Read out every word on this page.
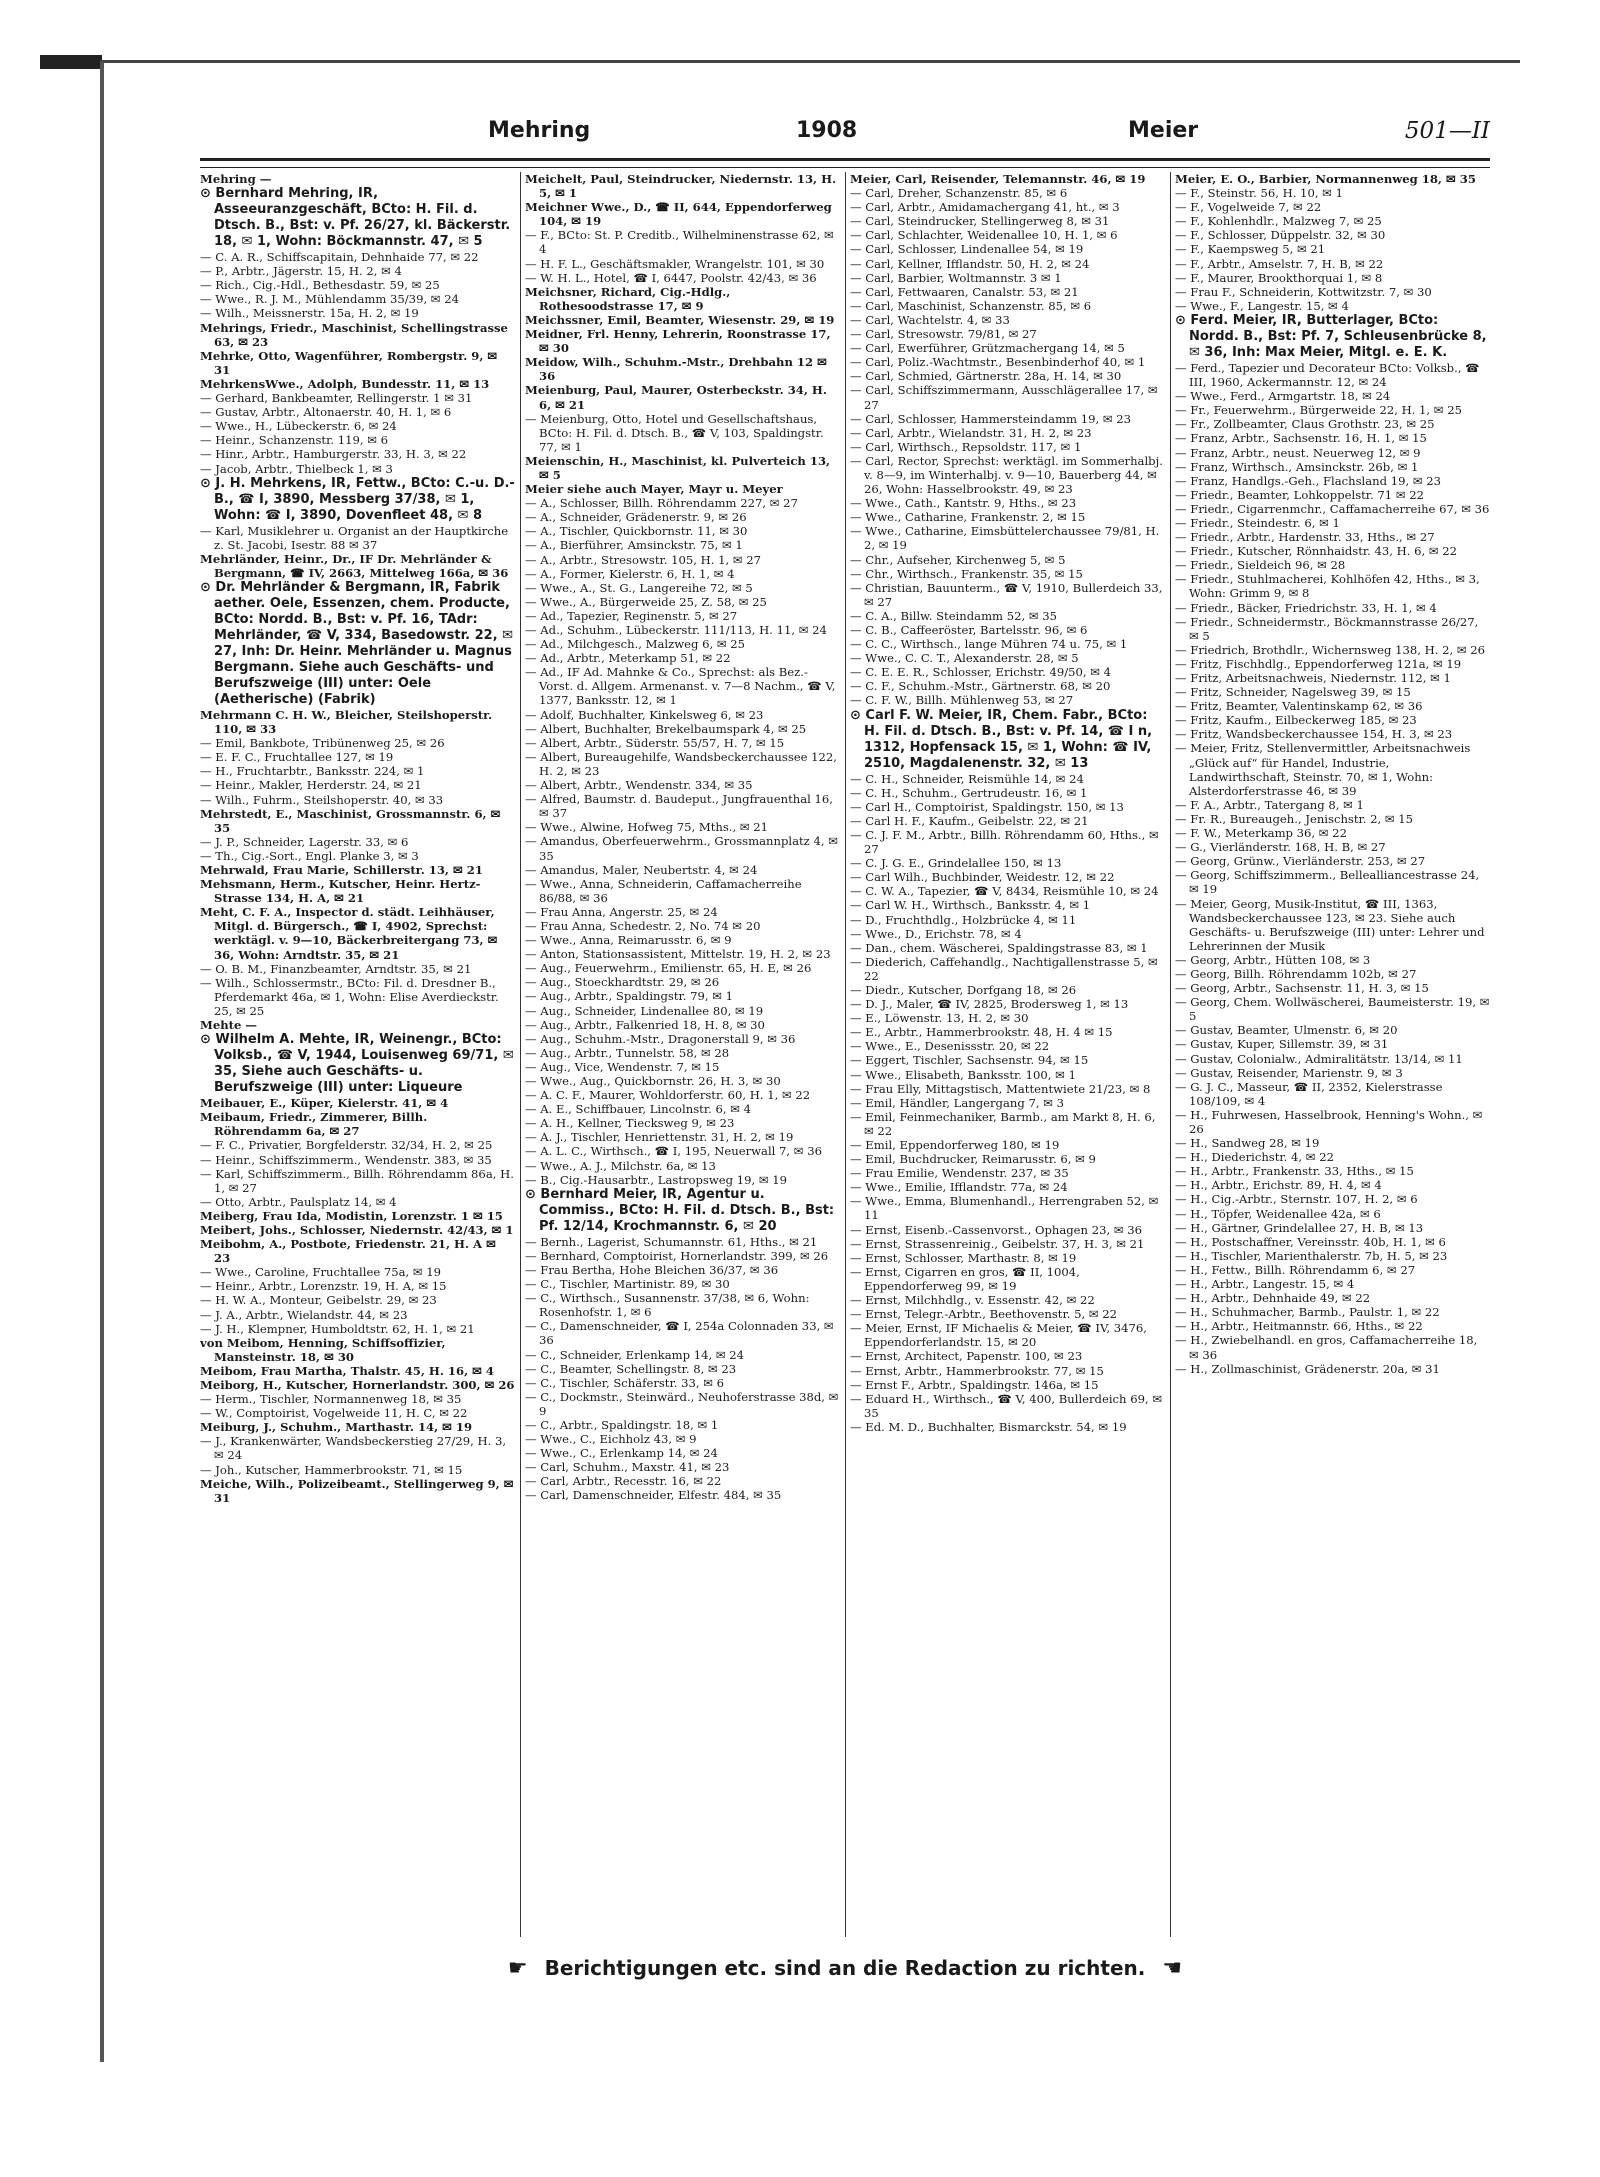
Mehring	1908	Meier	501—II

Mehring —

⊙ Bernhard Mehring, IR, Asseeuranzgeschäft, BCto: H. Fil. d. Dtsch. B., Bst: v. Pf. 26/27, kl. Bäckerstr. 18, ✉ 1, Wohn: Böckmannstr. 47, ✉ 5

— C. A. R., Schiffscapitain, Dehnhaide 77, ✉ 22

— P., Arbtr., Jägerstr. 15, H. 2, ✉ 4

— Rich., Cig.-Hdl., Bethesdastr. 59, ✉ 25

— Wwe., R. J. M., Mühlendamm 35/39, ✉ 24

— Wilh., Meissnerstr. 15a, H. 2, ✉ 19

Mehrings, Friedr., Maschinist, Schellingstrasse 63, ✉ 23

Mehrke, Otto, Wagenführer, Rombergstr. 9, ✉ 31

MehrkensWwe., Adolph, Bundesstr. 11, ✉ 13

— Gerhard, Bankbeamter, Rellingerstr. 1 ✉ 31

— Gustav, Arbtr., Altonaerstr. 40, H. 1, ✉ 6

— Wwe., H., Lübeckerstr. 6, ✉ 24

— Heinr., Schanzenstr. 119, ✉ 6

— Hinr., Arbtr., Hamburgerstr. 33, H. 3, ✉ 22

— Jacob, Arbtr., Thielbeck 1, ✉ 3

⊙ J. H. Mehrkens, IR, Fettw., BCto: C.-u. D.-B., ☎ I, 3890, Messberg 37/38, ✉ 1, Wohn: ☎ I, 3890, Dovenfleet 48, ✉ 8

— Karl, Musiklehrer u. Organist an der Hauptkirche z. St. Jacobi, Isestr. 88 ✉ 37

Mehrländer, Heinr., Dr., IF Dr. Mehrländer & Bergmann, ☎ IV, 2663, Mittelweg 166a, ✉ 36

⊙ Dr. Mehrländer & Bergmann, IR, Fabrik aether. Oele, Essenzen, chem. Producte, BCto: Nordd. B., Bst: v. Pf. 16, TAdr: Mehrländer, ☎ V, 334, Basedowstr. 22, ✉ 27, Inh: Dr. Heinr. Mehrländer u. Magnus Bergmann. Siehe auch Geschäfts- und Berufszweige (III) unter: Oele (Aetherische) (Fabrik)

Mehrmann C. H. W., Bleicher, Steilshoperstr. 110, ✉ 33

— Emil, Bankbote, Tribünenweg 25, ✉ 26

— E. F. C., Fruchtallee 127, ✉ 19

— H., Fruchtarbtr., Banksstr. 224, ✉ 1

— Heinr., Makler, Herderstr. 24, ✉ 21

— Wilh., Fuhrm., Steilshoperstr. 40, ✉ 33

Mehrstedt, E., Maschinist, Grossmannstr. 6, ✉ 35

— J. P., Schneider, Lagerstr. 33, ✉ 6

— Th., Cig.-Sort., Engl. Planke 3, ✉ 3

Mehrwald, Frau Marie, Schillerstr. 13, ✉ 21

Mehsmann, Herm., Kutscher, Heinr. Hertz-Strasse 134, H. A, ✉ 21

Meht, C. F. A., Inspector d. städt. Leihhäuser, Mitgl. d. Bürgersch., ☎ I, 4902, Sprechst: werktägl. v. 9—10, Bäckerbreitergang 73, ✉ 36, Wohn: Arndtstr. 35, ✉ 21

— O. B. M., Finanzbeamter, Arndtstr. 35, ✉ 21

— Wilh., Schlossermstr., BCto: Fil. d. Dresdner B., Pferdemarkt 46a, ✉ 1, Wohn: Elise Averdieckstr. 25, ✉ 25

Mehte —

⊙ Wilhelm A. Mehte, IR, Weinengr., BCto: Volksb., ☎ V, 1944, Louisenweg 69/71, ✉ 35, Siehe auch Geschäfts- u. Berufszweige (III) unter: Liqueure

Meibauer, E., Küper, Kielerstr. 41, ✉ 4

Meibaum, Friedr., Zimmerer, Billh. Röhrendamm 6a, ✉ 27

— F. C., Privatier, Borgfelderstr. 32/34, H. 2, ✉ 25

— Heinr., Schiffszimmerm., Wendenstr. 383, ✉ 35

— Karl, Schiffszimmerm., Billh. Röhrendamm 86a, H. 1, ✉ 27

— Otto, Arbtr., Paulsplatz 14, ✉ 4

Meiberg, Frau Ida, Modistin, Lorenzstr. 1 ✉ 15

Meibert, Johs., Schlosser, Niedernstr. 42/43, ✉ 1

Meibohm, A., Postbote, Friedenstr. 21, H. A ✉ 23

— Wwe., Caroline, Fruchtallee 75a, ✉ 19

— Heinr., Arbtr., Lorenzstr. 19, H. A, ✉ 15

— H. W. A., Monteur, Geibelstr. 29, ✉ 23

— J. A., Arbtr., Wielandstr. 44, ✉ 23

— J. H., Klempner, Humboldtstr. 62, H. 1, ✉ 21

von Meibom, Henning, Schiffsoffizier, Mansteinstr. 18, ✉ 30

Meibom, Frau Martha, Thalstr. 45, H. 16, ✉ 4

Meiborg, H., Kutscher, Hornerlandstr. 300, ✉ 26

— Herm., Tischler, Normannenweg 18, ✉ 35

— W., Comptoirist, Vogelweide 11, H. C, ✉ 22

Meiburg, J., Schuhm., Marthastr. 14, ✉ 19

— J., Krankenwärter, Wandsbeckerstieg 27/29, H. 3, ✉ 24

— Joh., Kutscher, Hammerbrookstr. 71, ✉ 15

Meiche, Wilh., Polizeibeamt., Stellingerweg 9, ✉ 31

Meichelt, Paul, Steindrucker, Niedernstr. 13, H. 5, ✉ 1

Meichner Wwe., D., ☎ II, 644, Eppendorferweg 104, ✉ 19

— F., BCto: St. P. Creditb., Wilhelminenstrasse 62, ✉ 4

— H. F. L., Geschäftsmakler, Wrangelstr. 101, ✉ 30

— W. H. L., Hotel, ☎ I, 6447, Poolstr. 42/43, ✉ 36

Meichsner, Richard, Cig.-Hdlg., Rothesoodstrasse 17, ✉ 9

Meichssner, Emil, Beamter, Wiesenstr. 29, ✉ 19

Meidner, Frl. Henny, Lehrerin, Roonstrasse 17, ✉ 30

Meidow, Wilh., Schuhm.-Mstr., Drehbahn 12 ✉ 36

Meienburg, Paul, Maurer, Osterbeckstr. 34, H. 6, ✉ 21

— Meienburg, Otto, Hotel und Gesellschaftshaus, BCto: H. Fil. d. Dtsch. B., ☎ V, 103, Spaldingstr. 77, ✉ 1

Meienschin, H., Maschinist, kl. Pulverteich 13, ✉ 5

Meier siehe auch Mayer, Mayr u. Meyer

— A., Schlosser, Billh. Röhrendamm 227, ✉ 27

— A., Schneider, Grädenerstr. 9, ✉ 26

— A., Tischler, Quickbornstr. 11, ✉ 30

— A., Bierführer, Amsinckstr. 75, ✉ 1

— A., Arbtr., Stresowstr. 105, H. 1, ✉ 27

— A., Former, Kielerstr. 6, H. 1, ✉ 4

— Wwe., A., St. G., Langereihe 72, ✉ 5

— Wwe., A., Bürgerweide 25, Z. 58, ✉ 25

— Ad., Tapezier, Reginenstr. 5, ✉ 27

— Ad., Schuhm., Lübeckerstr. 111/113, H. 11, ✉ 24

— Ad., Milchgesch., Malzweg 6, ✉ 25

— Ad., Arbtr., Meterkamp 51, ✉ 22

— Ad., IF Ad. Mahnke & Co., Sprechst: als Bez.-Vorst. d. Allgem. Armenanst. v. 7—8 Nachm., ☎ V, 1377, Banksstr. 12, ✉ 1

— Adolf, Buchhalter, Kinkelsweg 6, ✉ 23

— Albert, Buchhalter, Brekelbaumspark 4, ✉ 25

— Albert, Arbtr., Süderstr. 55/57, H. 7, ✉ 15

— Albert, Bureaugehilfe, Wandsbeckerchaussee 122, H. 2, ✉ 23

— Albert, Arbtr., Wendenstr. 334, ✉ 35

— Alfred, Baumstr. d. Baudeput., Jungfrauenthal 16, ✉ 37

— Wwe., Alwine, Hofweg 75, Mths., ✉ 21

— Amandus, Oberfeuerwehrm., Grossmannplatz 4, ✉ 35

— Amandus, Maler, Neubertstr. 4, ✉ 24

— Wwe., Anna, Schneiderin, Caffamacherreihe 86/88, ✉ 36

— Frau Anna, Angerstr. 25, ✉ 24

— Frau Anna, Schedestr. 2, No. 74 ✉ 20

— Wwe., Anna, Reimarusstr. 6, ✉ 9

— Anton, Stationsassistent, Mittelstr. 19, H. 2, ✉ 23

— Aug., Feuerwehrm., Emilienstr. 65, H. E, ✉ 26

— Aug., Stoeckhardtstr. 29, ✉ 26

— Aug., Arbtr., Spaldingstr. 79, ✉ 1

— Aug., Schneider, Lindenallee 80, ✉ 19

— Aug., Arbtr., Falkenried 18, H. 8, ✉ 30

— Aug., Schuhm.-Mstr., Dragonerstall 9, ✉ 36

— Aug., Arbtr., Tunnelstr. 58, ✉ 28

— Aug., Vice, Wendenstr. 7, ✉ 15

— Wwe., Aug., Quickbornstr. 26, H. 3, ✉ 30

— A. C. F., Maurer, Wohldorferstr. 60, H. 1, ✉ 22

— A. E., Schiffbauer, Lincolnstr. 6, ✉ 4

— A. H., Kellner, Tiecksweg 9, ✉ 23

— A. J., Tischler, Henriettenstr. 31, H. 2, ✉ 19

— A. L. C., Wirthsch., ☎ I, 195, Neuerwall 7, ✉ 36

— Wwe., A. J., Milchstr. 6a, ✉ 13

— B., Cig.-Hausarbtr., Lastropsweg 19, ✉ 19

⊙ Bernhard Meier, IR, Agentur u. Commiss., BCto: H. Fil. d. Dtsch. B., Bst: Pf. 12/14, Krochmannstr. 6, ✉ 20

— Bernh., Lagerist, Schumannstr. 61, Hths., ✉ 21

— Bernhard, Comptoirist, Hornerlandstr. 399, ✉ 26

— Frau Bertha, Hohe Bleichen 36/37, ✉ 36

— C., Tischler, Martinistr. 89, ✉ 30

— C., Wirthsch., Susannenstr. 37/38, ✉ 6, Wohn: Rosenhofstr. 1, ✉ 6

— C., Damenschneider, ☎ I, 254a Colonnaden 33, ✉ 36

— C., Schneider, Erlenkamp 14, ✉ 24

— C., Beamter, Schellingstr. 8, ✉ 23

— C., Tischler, Schäferstr. 33, ✉ 6

— C., Dockmstr., Steinwärd., Neuhoferstrasse 38d, ✉ 9

— C., Arbtr., Spaldingstr. 18, ✉ 1

— Wwe., C., Eichholz 43, ✉ 9

— Wwe., C., Erlenkamp 14, ✉ 24

— Carl, Schuhm., Maxstr. 41, ✉ 23

— Carl, Arbtr., Recesstr. 16, ✉ 22

— Carl, Damenschneider, Elfestr. 484, ✉ 35

Meier, Carl, Reisender, Telemannstr. 46, ✉ 19

— Carl, Dreher, Schanzenstr. 85, ✉ 6

— Carl, Arbtr., Amidamachergang 41, ht., ✉ 3

— Carl, Steindrucker, Stellingerweg 8, ✉ 31

— Carl, Schlachter, Weidenallee 10, H. 1, ✉ 6

— Carl, Schlosser, Lindenallee 54, ✉ 19

— Carl, Kellner, Ifflandstr. 50, H. 2, ✉ 24

— Carl, Barbier, Woltmannstr. 3 ✉ 1

— Carl, Fettwaaren, Canalstr. 53, ✉ 21

— Carl, Maschinist, Schanzenstr. 85, ✉ 6

— Carl, Wachtelstr. 4, ✉ 33

— Carl, Stresowstr. 79/81, ✉ 27

— Carl, Ewerführer, Grützmachergang 14, ✉ 5

— Carl, Poliz.-Wachtmstr., Besenbinderhof 40, ✉ 1

— Carl, Schmied, Gärtnerstr. 28a, H. 14, ✉ 30

— Carl, Schiffszimmermann, Ausschlägerallee 17, ✉ 27

— Carl, Schlosser, Hammersteindamm 19, ✉ 23

— Carl, Arbtr., Wielandstr. 31, H. 2, ✉ 23

— Carl, Wirthsch., Repsoldstr. 117, ✉ 1

— Carl, Rector, Sprechst: werktägl. im Sommerhalbj. v. 8—9, im Winterhalbj. v. 9—10, Bauerberg 44, ✉ 26, Wohn: Hasselbrookstr. 49, ✉ 23

— Wwe., Cath., Kantstr. 9, Hths., ✉ 23

— Wwe., Catharine, Frankenstr. 2, ✉ 15

— Wwe., Catharine, Eimsbüttelerchaussee 79/81, H. 2, ✉ 19

— Chr., Aufseher, Kirchenweg 5, ✉ 5

— Chr., Wirthsch., Frankenstr. 35, ✉ 15

— Christian, Bauunterm., ☎ V, 1910, Bullerdeich 33, ✉ 27

— C. A., Billw. Steindamm 52, ✉ 35

— C. B., Caffeeröster, Bartelsstr. 96, ✉ 6

— C. C., Wirthsch., lange Mühren 74 u. 75, ✉ 1

— Wwe., C. C. T., Alexanderstr. 28, ✉ 5

— C. E. E. R., Schlosser, Erichstr. 49/50, ✉ 4

— C. F., Schuhm.-Mstr., Gärtnerstr. 68, ✉ 20

— C. F. W., Billh. Mühlenweg 53, ✉ 27

⊙ Carl F. W. Meier, IR, Chem. Fabr., BCto: H. Fil. d. Dtsch. B., Bst: v. Pf. 14, ☎ I n, 1312, Hopfensack 15, ✉ 1, Wohn: ☎ IV, 2510, Magdalenenstr. 32, ✉ 13

— C. H., Schneider, Reismühle 14, ✉ 24

— C. H., Schuhm., Gertrudeustr. 16, ✉ 1

— Carl H., Comptoirist, Spaldingstr. 150, ✉ 13

— Carl H. F., Kaufm., Geibelstr. 22, ✉ 21

— C. J. F. M., Arbtr., Billh. Röhrendamm 60, Hths., ✉ 27

— C. J. G. E., Grindelallee 150, ✉ 13

— Carl Wilh., Buchbinder, Weidestr. 12, ✉ 22

— C. W. A., Tapezier, ☎ V, 8434, Reismühle 10, ✉ 24

— Carl W. H., Wirthsch., Banksstr. 4, ✉ 1

— D., Fruchthdlg., Holzbrücke 4, ✉ 11

— Wwe., D., Erichstr. 78, ✉ 4

— Dan., chem. Wäscherei, Spaldingstrasse 83, ✉ 1

— Diederich, Caffehandlg., Nachtigallenstrasse 5, ✉ 22

— Diedr., Kutscher, Dorfgang 18, ✉ 26

— D. J., Maler, ☎ IV, 2825, Brodersweg 1, ✉ 13

— E., Löwenstr. 13, H. 2, ✉ 30

— E., Arbtr., Hammerbrookstr. 48, H. 4 ✉ 15

— Wwe., E., Desenissstr. 20, ✉ 22

— Eggert, Tischler, Sachsenstr. 94, ✉ 15

— Wwe., Elisabeth, Banksstr. 100, ✉ 1

— Frau Elly, Mittagstisch, Mattentwiete 21/23, ✉ 8

— Emil, Händler, Langergang 7, ✉ 3

— Emil, Feinmechaniker, Barmb., am Markt 8, H. 6, ✉ 22

— Emil, Eppendorferweg 180, ✉ 19

— Emil, Buchdrucker, Reimarusstr. 6, ✉ 9

— Frau Emilie, Wendenstr. 237, ✉ 35

— Wwe., Emilie, Ifflandstr. 77a, ✉ 24

— Wwe., Emma, Blumenhandl., Herrengraben 52, ✉ 11

— Ernst, Eisenb.-Cassenvorst., Ophagen 23, ✉ 36

— Ernst, Strassenreinig., Geibelstr. 37, H. 3, ✉ 21

— Ernst, Schlosser, Marthastr. 8, ✉ 19

— Ernst, Cigarren en gros, ☎ II, 1004, Eppendorferweg 99, ✉ 19

— Ernst, Milchhdlg., v. Essenstr. 42, ✉ 22

— Ernst, Telegr.-Arbtr., Beethovenstr. 5, ✉ 22

— Meier, Ernst, IF Michaelis & Meier, ☎ IV, 3476, Eppendorferlandstr. 15, ✉ 20

— Ernst, Architect, Papenstr. 100, ✉ 23

— Ernst, Arbtr., Hammerbrookstr. 77, ✉ 15

— Ernst F., Arbtr., Spaldingstr. 146a, ✉ 15

— Eduard H., Wirthsch., ☎ V, 400, Bullerdeich 69, ✉ 35

— Ed. M. D., Buchhalter, Bismarckstr. 54, ✉ 19

Meier, E. O., Barbier, Normannenweg 18, ✉ 35

— F., Steinstr. 56, H. 10, ✉ 1

— F., Vogelweide 7, ✉ 22

— F., Kohlenhdlr., Malzweg 7, ✉ 25

— F., Schlosser, Düppelstr. 32, ✉ 30

— F., Kaempsweg 5, ✉ 21

— F., Arbtr., Amselstr. 7, H. B, ✉ 22

— F., Maurer, Brookthorquai 1, ✉ 8

— Frau F., Schneiderin, Kottwitzstr. 7, ✉ 30

— Wwe., F., Langestr. 15, ✉ 4

⊙ Ferd. Meier, IR, Butterlager, BCto: Nordd. B., Bst: Pf. 7, Schleusenbrücke 8, ✉ 36, Inh: Max Meier, Mitgl. e. E. K.

— Ferd., Tapezier und Decorateur BCto: Volksb., ☎ III, 1960, Ackermannstr. 12, ✉ 24

— Wwe., Ferd., Armgartstr. 18, ✉ 24

— Fr., Feuerwehrm., Bürgerweide 22, H. 1, ✉ 25

— Fr., Zollbeamter, Claus Grothstr. 23, ✉ 25

— Franz, Arbtr., Sachsenstr. 16, H. 1, ✉ 15

— Franz, Arbtr., neust. Neuerweg 12, ✉ 9

— Franz, Wirthsch., Amsinckstr. 26b, ✉ 1

— Franz, Handlgs.-Geh., Flachsland 19, ✉ 23

— Friedr., Beamter, Lohkoppelstr. 71 ✉ 22

— Friedr., Cigarrenmchr., Caffamacherreihe 67, ✉ 36

— Friedr., Steindestr. 6, ✉ 1

— Friedr., Arbtr., Hardenstr. 33, Hths., ✉ 27

— Friedr., Kutscher, Rönnhaidstr. 43, H. 6, ✉ 22

— Friedr., Sieldeich 96, ✉ 28

— Friedr., Stuhlmacherei, Kohlhöfen 42, Hths., ✉ 3, Wohn: Grimm 9, ✉ 8

— Friedr., Bäcker, Friedrichstr. 33, H. 1, ✉ 4

— Friedr., Schneidermstr., Böckmannstrasse 26/27, ✉ 5

— Friedrich, Brothdlr., Wichernsweg 138, H. 2, ✉ 26

— Fritz, Fischhdlg., Eppendorferweg 121a, ✉ 19

— Fritz, Arbeitsnachweis, Niedernstr. 112, ✉ 1

— Fritz, Schneider, Nagelsweg 39, ✉ 15

— Fritz, Beamter, Valentinskamp 62, ✉ 36

— Fritz, Kaufm., Eilbeckerweg 185, ✉ 23

— Fritz, Wandsbeckerchaussee 154, H. 3, ✉ 23

— Meier, Fritz, Stellenvermittler, Arbeitsnachweis „Glück auf“ für Handel, Industrie, Landwirthschaft, Steinstr. 70, ✉ 1, Wohn: Alsterdorferstrasse 46, ✉ 39

— F. A., Arbtr., Tatergang 8, ✉ 1

— Fr. R., Bureaugeh., Jenischstr. 2, ✉ 15

— F. W., Meterkamp 36, ✉ 22

— G., Vierländerstr. 168, H. B, ✉ 27

— Georg, Grünw., Vierländerstr. 253, ✉ 27

— Georg, Schiffszimmerm., Bellealliancestrasse 24, ✉ 19

— Meier, Georg, Musik-Institut, ☎ III, 1363, Wandsbeckerchaussee 123, ✉ 23. Siehe auch Geschäfts- u. Berufszweige (III) unter: Lehrer und Lehrerinnen der Musik

— Georg, Arbtr., Hütten 108, ✉ 3

— Georg, Billh. Röhrendamm 102b, ✉ 27

— Georg, Arbtr., Sachsenstr. 11, H. 3, ✉ 15

— Georg, Chem. Wollwäscherei, Baumeisterstr. 19, ✉ 5

— Gustav, Beamter, Ulmenstr. 6, ✉ 20

— Gustav, Kuper, Sillemstr. 39, ✉ 31

— Gustav, Colonialw., Admiralitätstr. 13/14, ✉ 11

— Gustav, Reisender, Marienstr. 9, ✉ 3

— G. J. C., Masseur, ☎ II, 2352, Kielerstrasse 108/109, ✉ 4

— H., Fuhrwesen, Hasselbrook, Henning's Wohn., ✉ 26

— H., Sandweg 28, ✉ 19

— H., Diederichstr. 4, ✉ 22

— H., Arbtr., Frankenstr. 33, Hths., ✉ 15

— H., Arbtr., Erichstr. 89, H. 4, ✉ 4

— H., Cig.-Arbtr., Sternstr. 107, H. 2, ✉ 6

— H., Töpfer, Weidenallee 42a, ✉ 6

— H., Gärtner, Grindelallee 27, H. B, ✉ 13

— H., Postschaffner, Vereinsstr. 40b, H. 1, ✉ 6

— H., Tischler, Marienthalerstr. 7b, H. 5, ✉ 23

— H., Fettw., Billh. Röhrendamm 6, ✉ 27

— H., Arbtr., Langestr. 15, ✉ 4

— H., Arbtr., Dehnhaide 49, ✉ 22

— H., Schuhmacher, Barmb., Paulstr. 1, ✉ 22

— H., Arbtr., Heitmannstr. 66, Hths., ✉ 22

— H., Zwiebelhandl. en gros, Caffamacherreihe 18, ✉ 36

— H., Zollmaschinist, Grädenerstr. 20a, ✉ 31

☛ Berichtigungen etc. sind an die Redaction zu richten. ☚
